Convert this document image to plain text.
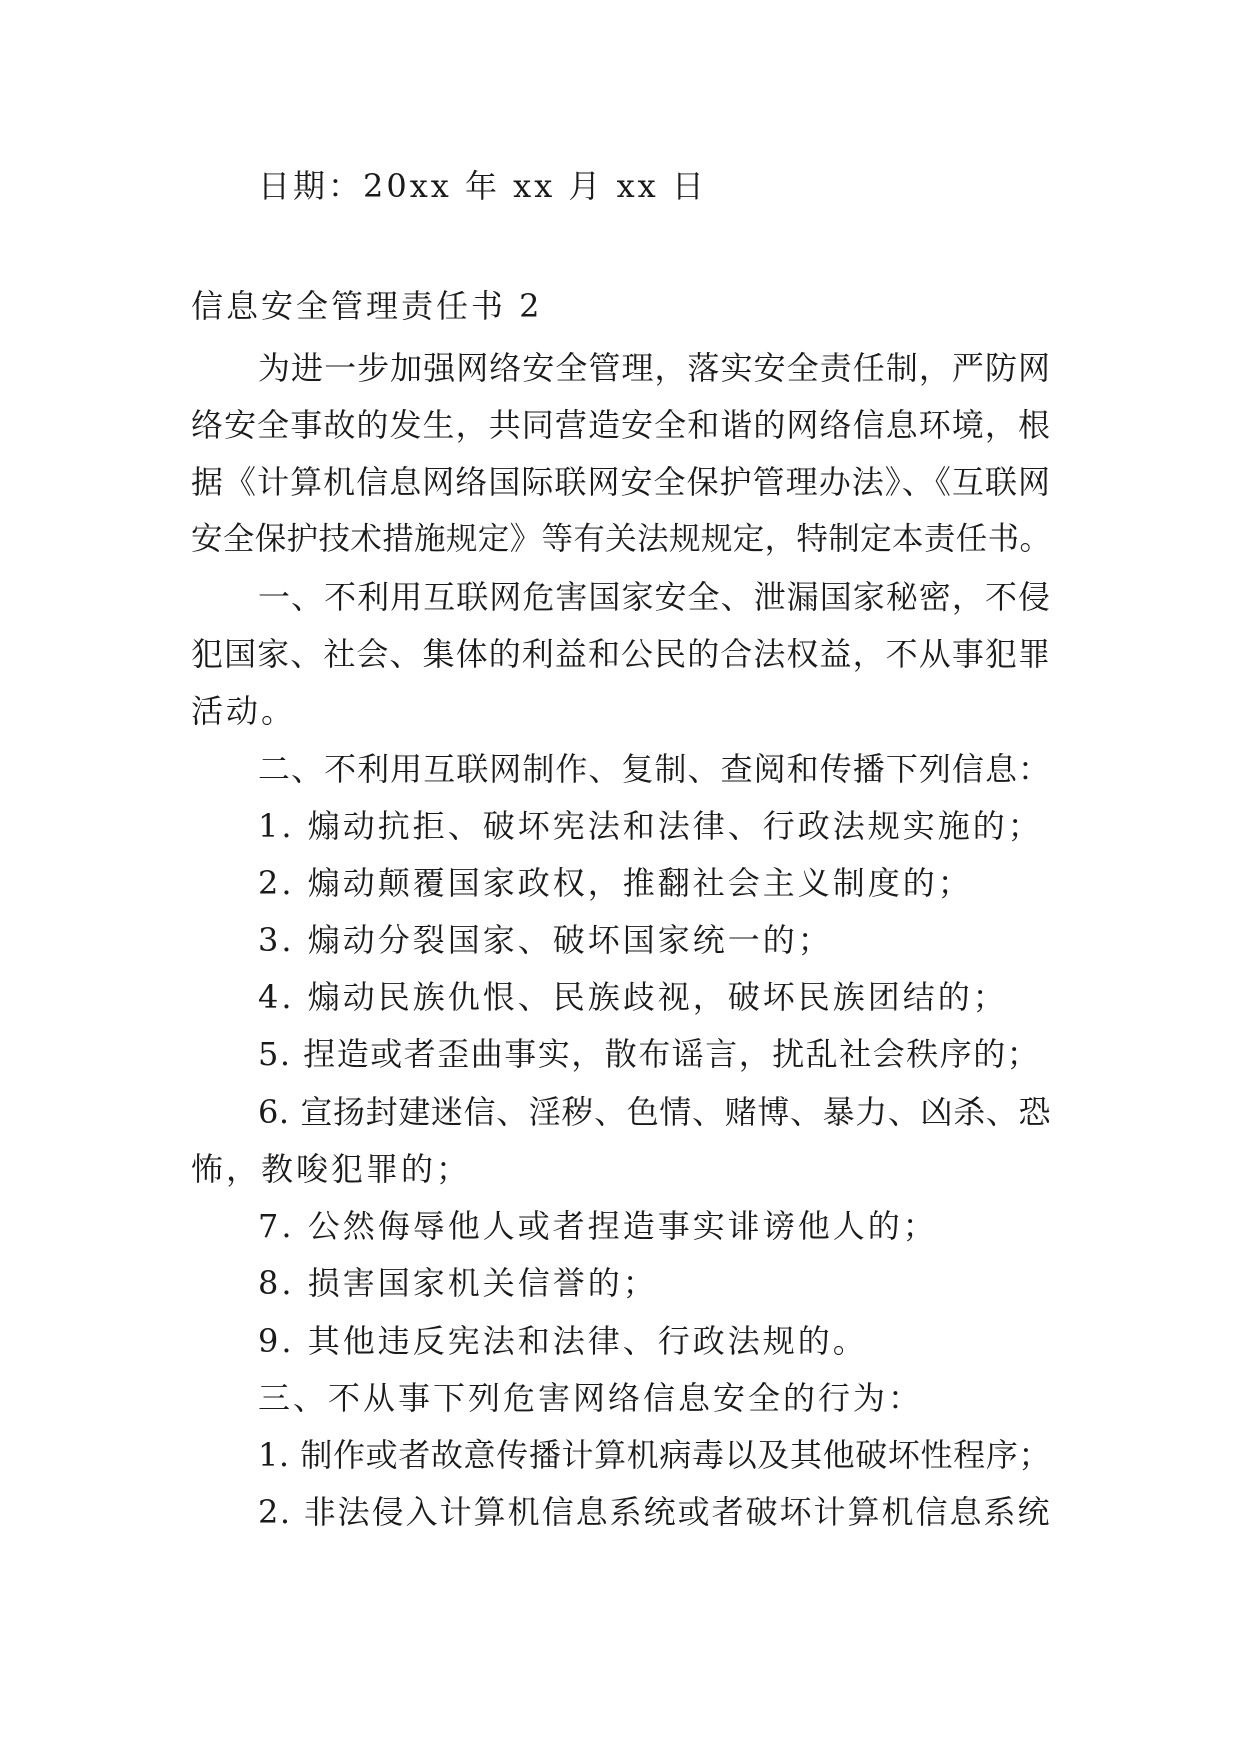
日期：20xx 年 xx 月 xx 日
信息安全管理责任书 2
为进一步加强网络安全管理，落实安全责任制，严防网
络安全事故的发生，共同营造安全和谐的网络信息环境，根
据《计算机信息网络国际联网安全保护管理办法》、《互联网
安全保护技术措施规定》等有关法规规定，特制定本责任书。
一、不利用互联网危害国家安全、泄漏国家秘密，不侵
犯国家、社会、集体的利益和公民的合法权益，不从事犯罪
活动。
二、不利用互联网制作、复制、查阅和传播下列信息：
1. 煽动抗拒、破坏宪法和法律、行政法规实施的；
2. 煽动颠覆国家政权，推翻社会主义制度的；
3. 煽动分裂国家、破坏国家统一的；
4. 煽动民族仇恨、民族歧视，破坏民族团结的；
5. 捏造或者歪曲事实，散布谣言，扰乱社会秩序的；
6. 宣扬封建迷信、淫秽、色情、赌博、暴力、凶杀、恐
怖，教唆犯罪的；
7. 公然侮辱他人或者捏造事实诽谤他人的；
8. 损害国家机关信誉的；
9. 其他违反宪法和法律、行政法规的。
三、不从事下列危害网络信息安全的行为：
1. 制作或者故意传播计算机病毒以及其他破坏性程序；
2. 非法侵入计算机信息系统或者破坏计算机信息系统
